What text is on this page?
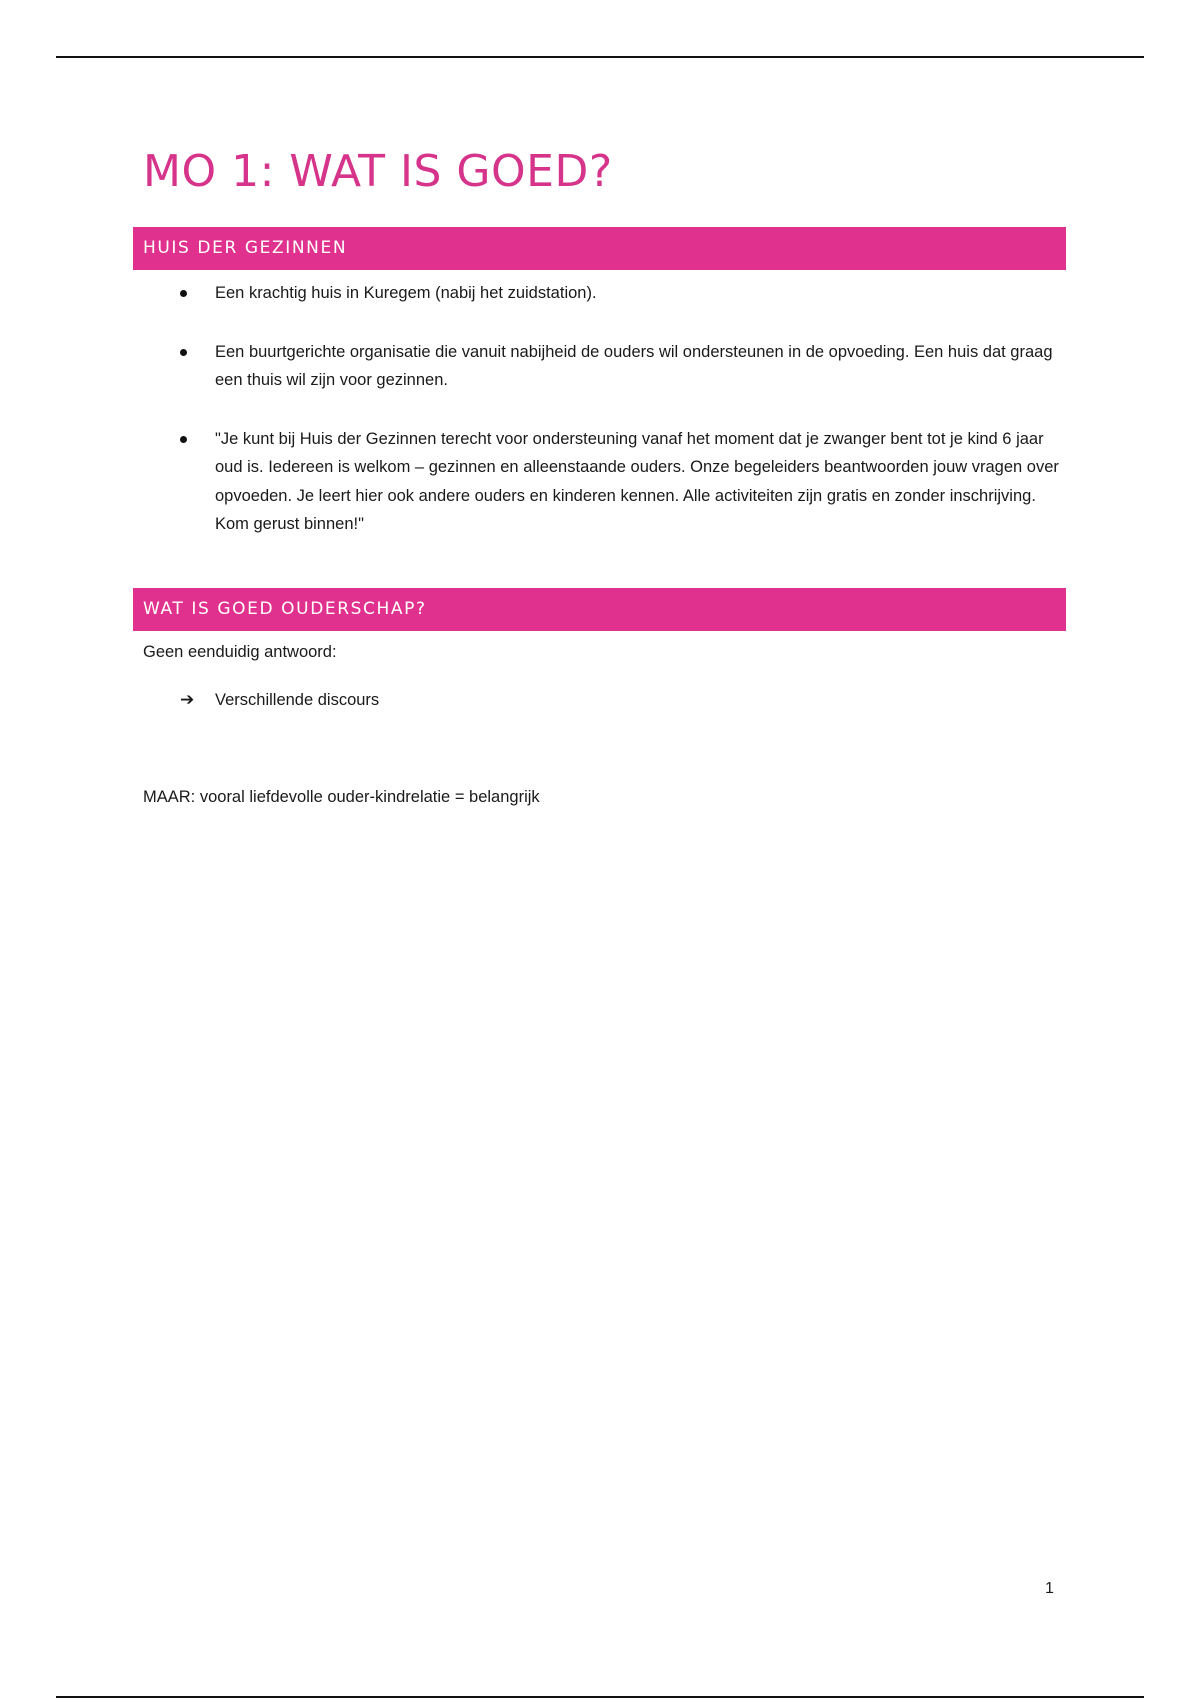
MO 1: WAT IS GOED?
HUIS DER GEZINNEN
Een krachtig huis in Kuregem (nabij het zuidstation).
Een buurtgerichte organisatie die vanuit nabijheid de ouders wil ondersteunen in de opvoeding. Een huis dat graag een thuis wil zijn voor gezinnen.
"Je kunt bij Huis der Gezinnen terecht voor ondersteuning vanaf het moment dat je zwanger bent tot je kind 6 jaar oud is. Iedereen is welkom – gezinnen en alleenstaande ouders. Onze begeleiders beantwoorden jouw vragen over opvoeden. Je leert hier ook andere ouders en kinderen kennen. Alle activiteiten zijn gratis en zonder inschrijving. Kom gerust binnen!"
WAT IS GOED OUDERSCHAP?
Geen eenduidig antwoord:
➔ Verschillende discours
MAAR: vooral liefdevolle ouder-kindrelatie = belangrijk
1
